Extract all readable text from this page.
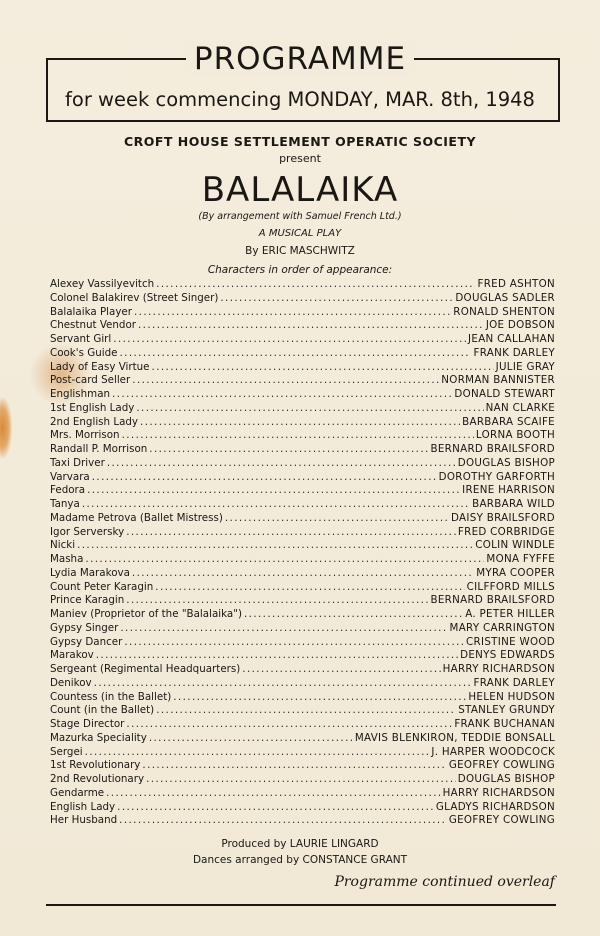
PROGRAMME
for week commencing MONDAY, MAR. 8th, 1948
CROFT HOUSE SETTLEMENT OPERATIC SOCIETY
present
BALALAIKA
(By arrangement with Samuel French Ltd.)
A MUSICAL PLAY
By ERIC MASCHWITZ
Characters in order of appearance:
Alexey Vassilyevitch .....	FRED ASHTON
Colonel Balakirev (Street Singer) .....	DOUGLAS SADLER
Balalaika Player .....	RONALD SHENTON
Chestnut Vendor .....	JOE DOBSON
Servant Girl .....	JEAN CALLAHAN
Cook's Guide .....	FRANK DARLEY
Lady of Easy Virtue .....	JULIE GRAY
Post-card Seller .....	NORMAN BANNISTER
Englishman .....	DONALD STEWART
1st English Lady .....	NAN CLARKE
2nd English Lady .....	BARBARA SCAIFE
Mrs. Morrison .....	LORNA BOOTH
Randall P. Morrison .....	BERNARD BRAILSFORD
Taxi Driver .....	DOUGLAS BISHOP
Varvara .....	DOROTHY GARFORTH
Fedora .....	IRENE HARRISON
Tanya .....	BARBARA WILD
Madame Petrova (Ballet Mistress) .....	DAISY BRAILSFORD
Igor Serversky .....	FRED CORBRIDGE
Nicki .....	COLIN WINDLE
Masha .....	MONA FYFFE
Lydia Marakova .....	MYRA COOPER
Count Peter Karagin .....	CILFFORD MILLS
Prince Karagin .....	BERNARD BRAILSFORD
Maniev (Proprietor of the "Balalaika") .....	A. PETER HILLER
Gypsy Singer .....	MARY CARRINGTON
Gypsy Dancer .....	CRISTINE WOOD
Marakov .....	DENYS EDWARDS
Sergeant (Regimental Headquarters) .....	HARRY RICHARDSON
Denikov .....	FRANK DARLEY
Countess (in the Ballet) .....	HELEN HUDSON
Count (in the Ballet) .....	STANLEY GRUNDY
Stage Director .....	FRANK BUCHANAN
Mazurka Speciality .....	MAVIS BLENKIRON, TEDDIE BONSALL
Sergei .....	J. HARPER WOODCOCK
1st Revolutionary .....	GEOFREY COWLING
2nd Revolutionary .....	DOUGLAS BISHOP
Gendarme .....	HARRY RICHARDSON
English Lady .....	GLADYS RICHARDSON
Her Husband .....	GEOFREY COWLING
Produced by LAURIE LINGARD
Dances arranged by CONSTANCE GRANT
Programme continued overleaf
